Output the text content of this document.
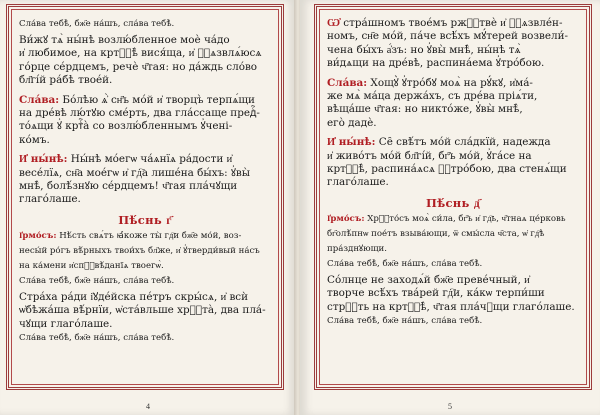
Сла́ва тебѣ̀, бж҃е на́шъ, сла́ва тебѣ̀.

Ви́жꙋ тѧ̀ ны́нѣ возлю́бленное моѐ ча́до

и҆ любимое, на кртⷭ҇ѣ̀ вися́ща, и҆ ꙋ҆ѧзвлѧ́юсѧ

го́рце се́рдцемъ, речѐ ч҃тая: но да́ждь сло́во

бл҃гі́й ра́бѣ твое́й.

Сла́ва: Бо́лѣю ѧ҆̀ сн҃ъ мо́й и҆ творцъ̀ терпѧ́щи

на дре́вѣ лю́тꙋю сме́рть, два гла́ссаще предⷭ҇-

то́ѧщи ꙋ҆ кртⷭ҇а̀ со возлю́бленнымъ ꙋ҆чені-

ко́мъ.

И҆ ны́нѣ: Ны́нѣ мо́егѡ ча́ѧнїѧ ра́дости и҆

весе́лїѧ, сн҃а мое́гѡ и҆ гд҇а лише́на бы́хъ: ꙋ҆вы̀

мнѣ̀, болѣ́знꙋю се́рдцемъ! ч҃тая пла́чꙋщи

глаго́лаше.

Пѣ́снь г҃

І҆рмо́съ: Нѣ́сть свѧ́тъ ꙗ҆́коже ты̀ гд҇и бж҃е мо́й, воз-

несы́й ро́гъ вѣ́рныхъ твои́хъ бл҃же, и҆ ꙋ҆тверди́вый на́съ

на ка́мени и҆спⷪ҇вѣ́данїѧ твоегѡ̀.

Сла́ва тебѣ̀, бж҃е на́шъ, сла́ва тебѣ̀.

Стра́ха ра́ди і҆ꙋде́йска пе́тръ скры́сѧ, и҆ всѝ

ѡ҆бѣжа́ша вѣ́рнїи, ѡ҆ста́вльше хрⷭ҇та̀, два пла́-

чꙋщи глаго́лаше.

Сла́ва тебѣ̀, бж҃е на́шъ, сла́ва тебѣ̀.

4

Ѡ҆ стра́шномъ твое́мъ ржⷭ҇твѐ и҆ ꙋ҆ѧзвле́н-

номъ, сн҃е мо́й, па́че всѣ́хъ мꙋ́терей возвели́-

чена бы́хъ а҆́зъ: но ꙋ҆вы̀ мнѣ̀, ны́нѣ тѧ̀

ви́дѧщи на дре́вѣ, распина́ема ꙋ҆тро́бою.

Сла́ва: Хощꙋ̀ ꙋ҆тро́бꙋ моѧ̀ на рꙋ́кꙋ, и҆ма́-

же мѧ̀ ма́ца держа́хъ, съ дре́ва пріѧ́ти,

вѣща́ше ч҃тая: но никто́же, ꙋ҆вы̀ мнѣ̀,

его̀ дадѐ.

И҆ ны́нѣ: Се̑ свѣ́тъ мо́й сла́дкїй, надежда

и҆ живо́тъ мо́й бл҃гі́й, бг҃ъ мо́й, ꙋ҆га́се на

кртⷭ҇ѣ̀, распина́ѧсѧ ꙋ҆тро́бою, два стенѧ́щи

глаго́лаше.

Пѣ́снь д҃

І҆рмо́съ: Хрⷭ҇то́съ моѧ̀ си́ла, бг҃ъ и҆ гд҇ь, ч҃тнаѧ це́рковь

бг҃олѣ́пнѡ пое́тъ взыва́ющи, ѿ смы́сла ч҃ста, ѡ҆ гд҇ѣ

пра́зднꙋющи.

Сла́ва тебѣ̀, бж҃е на́шъ, сла́ва тебѣ̀.

Со́лнце не заходѧ́й бж҃е преве́чный, и҆

творче всѣ́хъ тва́рей гд҇и, ка́кѡ терпи́ши

стрⷭ҇ть на кртⷭ҇ѣ̀, ч҃тая пла́чꙋщи глаго́лаше.

Сла́ва тебѣ̀, бж҃е на́шъ, сла́ва тебѣ̀.

5
